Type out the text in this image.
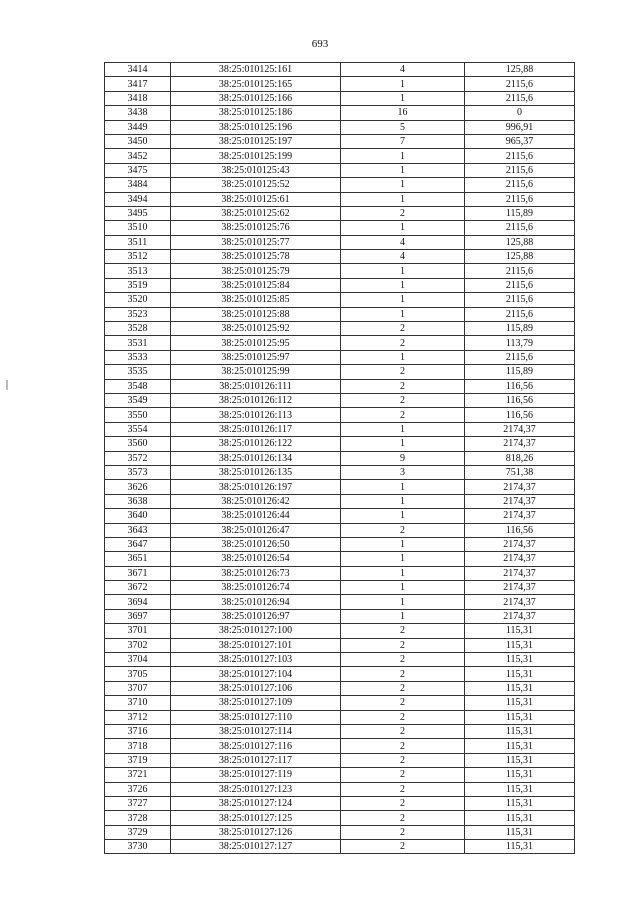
693
3414	38:25:010125:161	4	125,88
3417	38:25:010125:165	1	2115,6
3418	38:25:010125:166	1	2115,6
3438	38:25:010125:186	16	0
3449	38:25:010125:196	5	996,91
3450	38:25:010125:197	7	965,37
3452	38:25:010125:199	1	2115,6
3475	38:25:010125:43	1	2115,6
3484	38:25:010125:52	1	2115,6
3494	38:25:010125:61	1	2115,6
3495	38:25:010125:62	2	115,89
3510	38:25:010125:76	1	2115,6
3511	38:25:010125:77	4	125,88
3512	38:25:010125:78	4	125,88
3513	38:25:010125:79	1	2115,6
3519	38:25:010125:84	1	2115,6
3520	38:25:010125:85	1	2115,6
3523	38:25:010125:88	1	2115,6
3528	38:25:010125:92	2	115,89
3531	38:25:010125:95	2	113,79
3533	38:25:010125:97	1	2115,6
3535	38:25:010125:99	2	115,89
3548	38:25:010126:111	2	116,56
3549	38:25:010126:112	2	116,56
3550	38:25:010126:113	2	116,56
3554	38:25:010126:117	1	2174,37
3560	38:25:010126:122	1	2174,37
3572	38:25:010126:134	9	818,26
3573	38:25:010126:135	3	751,38
3626	38:25:010126:197	1	2174,37
3638	38:25:010126:42	1	2174,37
3640	38:25:010126:44	1	2174,37
3643	38:25:010126:47	2	116,56
3647	38:25:010126:50	1	2174,37
3651	38:25:010126:54	1	2174,37
3671	38:25:010126:73	1	2174,37
3672	38:25:010126:74	1	2174,37
3694	38:25:010126:94	1	2174,37
3697	38:25:010126:97	1	2174,37
3701	38:25:010127:100	2	115,31
3702	38:25:010127:101	2	115,31
3704	38:25:010127:103	2	115,31
3705	38:25:010127:104	2	115,31
3707	38:25:010127:106	2	115,31
3710	38:25:010127:109	2	115,31
3712	38:25:010127:110	2	115,31
3716	38:25:010127:114	2	115,31
3718	38:25:010127:116	2	115,31
3719	38:25:010127:117	2	115,31
3721	38:25:010127:119	2	115,31
3726	38:25:010127:123	2	115,31
3727	38:25:010127:124	2	115,31
3728	38:25:010127:125	2	115,31
3729	38:25:010127:126	2	115,31
3730	38:25:010127:127	2	115,31
